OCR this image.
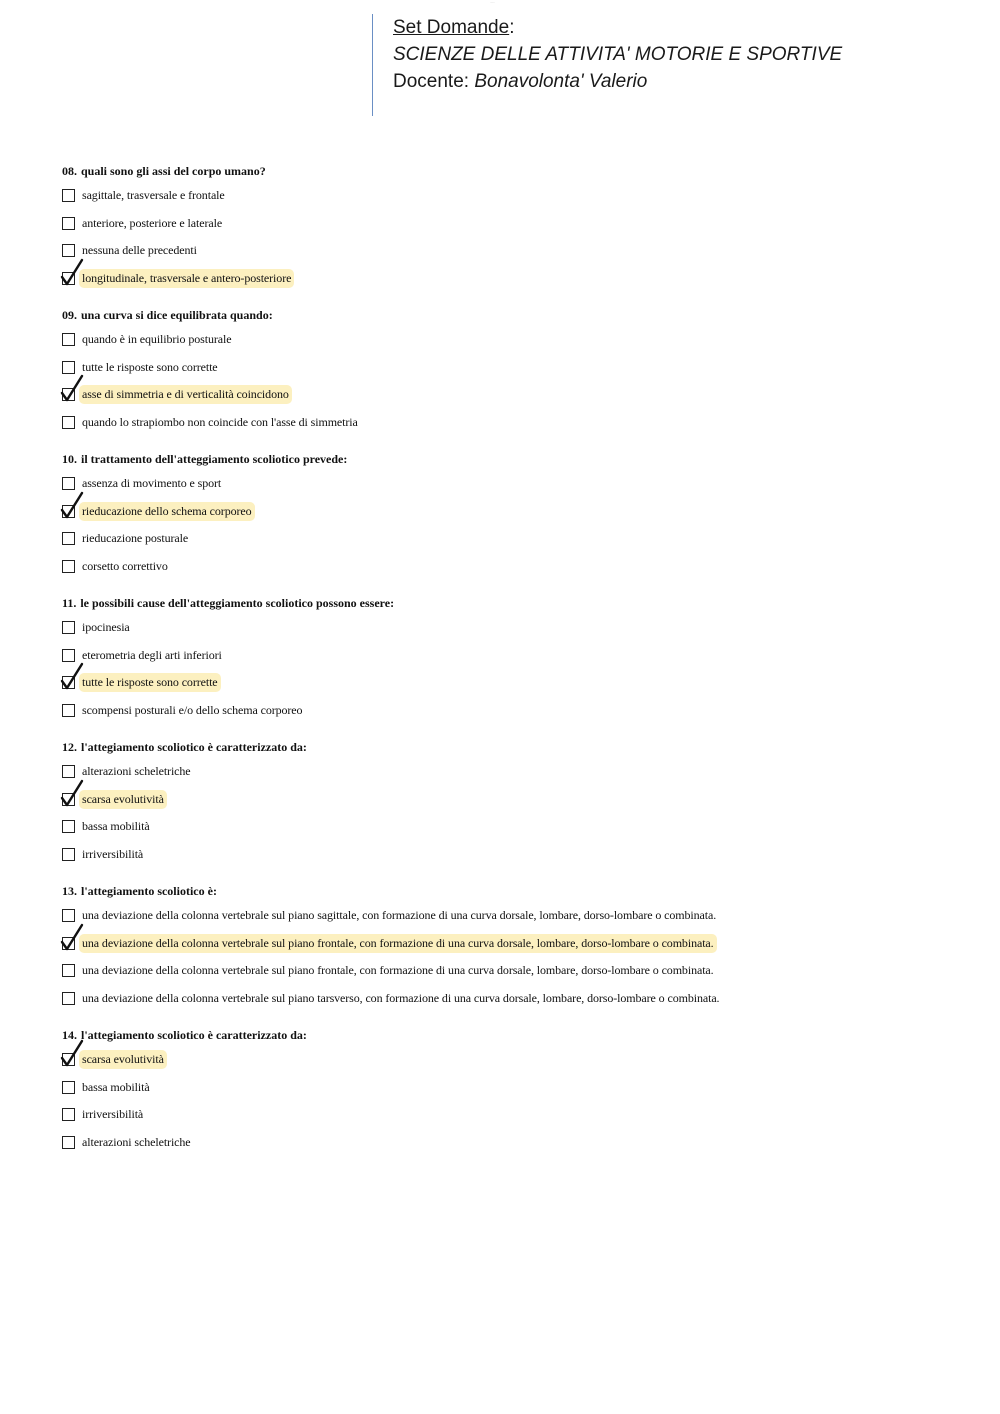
......
Set Domande:
SCIENZE DELLE ATTIVITA' MOTORIE E SPORTIVE
Docente: Bonavolonta' Valerio
08. quali sono gli assi del corpo umano?
sagittale, trasversale e frontale
anteriore, posteriore e laterale
nessuna delle precedenti
longitudinale, trasversale e antero-posteriore
09. una curva si dice equilibrata quando:
quando è in equilibrio posturale
tutte le risposte sono corrette
asse di simmetria e di verticalità coincidono
quando lo strapiombo non coincide con l'asse di simmetria
10. il trattamento dell'atteggiamento scoliotico prevede:
assenza di movimento e sport
rieducazione dello schema corporeo
rieducazione posturale
corsetto correttivo
11. le possibili cause dell'atteggiamento scoliotico possono essere:
ipocinesia
eterometria degli arti inferiori
tutte le risposte sono corrette
scompensi posturali e/o dello schema corporeo
12. l'attegiamento scoliotico è caratterizzato da:
alterazioni scheletriche
scarsa evolutività
bassa mobilità
irriversibilità
13. l'attegiamento scoliotico è:
una deviazione della colonna vertebrale sul piano sagittale, con formazione di una curva dorsale, lombare, dorso-lombare o combinata.
una deviazione della colonna vertebrale sul piano frontale, con formazione di una curva dorsale, lombare, dorso-lombare o combinata.
una deviazione della colonna vertebrale sul piano frontale, con formazione di una curva dorsale, lombare, dorso-lombare o combinata.
una deviazione della colonna vertebrale sul piano tarsverso, con formazione di una curva dorsale, lombare, dorso-lombare o combinata.
14. l'attegiamento scoliotico è caratterizzato da:
scarsa evolutività
bassa mobilità
irriversibilità
alterazioni scheletriche
